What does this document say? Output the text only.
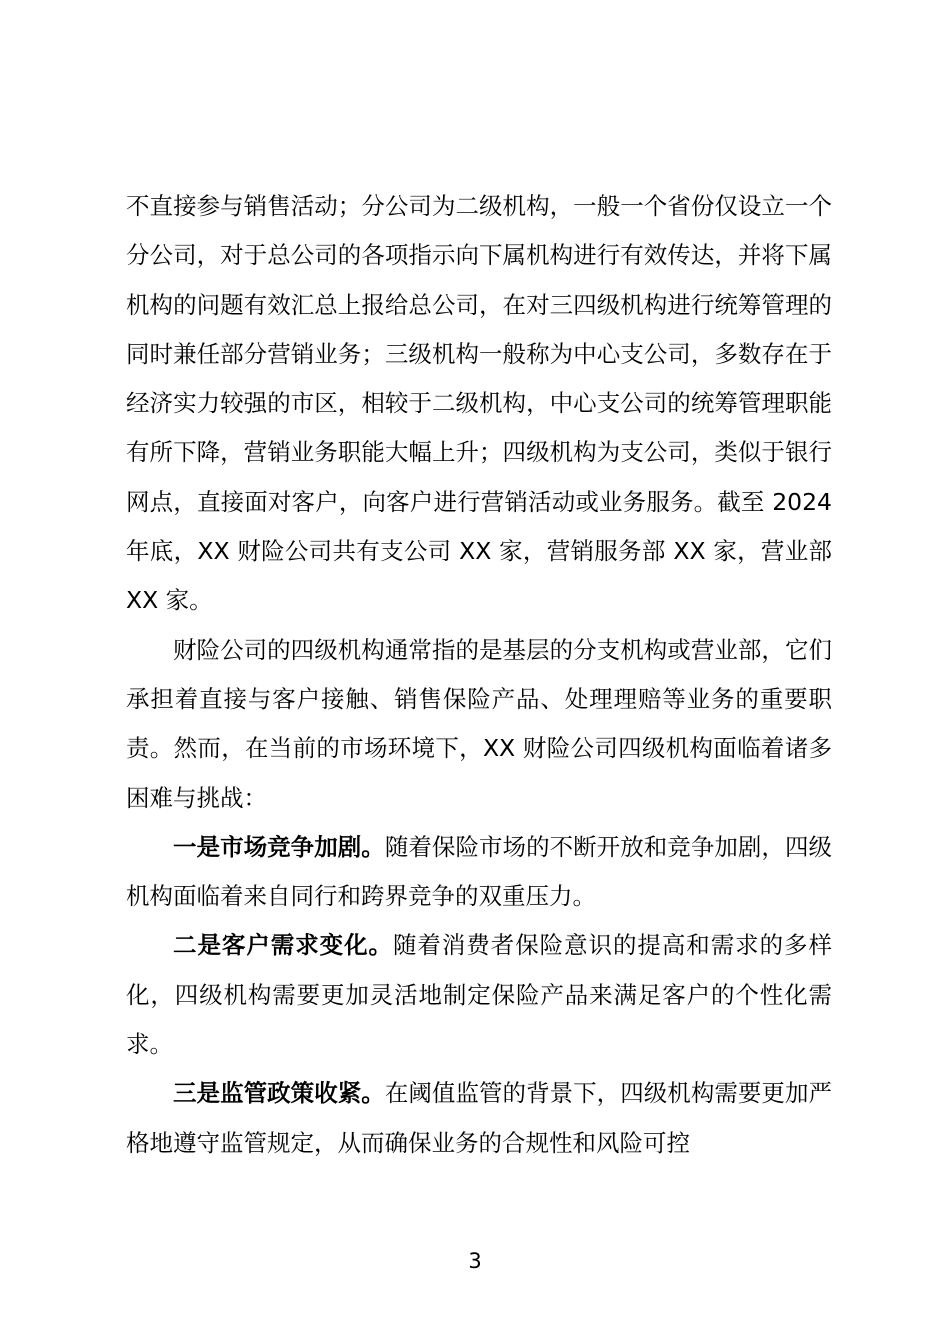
不直接参与销售活动；分公司为二级机构，一般一个省份仅设立一个分公司，对于总公司的各项指示向下属机构进行有效传达，并将下属机构的问题有效汇总上报给总公司，在对三四级机构进行统筹管理的同时兼任部分营销业务；三级机构一般称为中心支公司，多数存在于经济实力较强的市区，相较于二级机构，中心支公司的统筹管理职能有所下降，营销业务职能大幅上升；四级机构为支公司，类似于银行网点，直接面对客户，向客户进行营销活动或业务服务。截至 2024 年底，XX 财险公司共有支公司 XX 家，营销服务部 XX 家，营业部 XX 家。

财险公司的四级机构通常指的是基层的分支机构或营业部，它们承担着直接与客户接触、销售保险产品、处理理赔等业务的重要职责。然而，在当前的市场环境下，XX 财险公司四级机构面临着诸多困难与挑战：

一是市场竞争加剧。随着保险市场的不断开放和竞争加剧，四级机构面临着来自同行和跨界竞争的双重压力。

二是客户需求变化。随着消费者保险意识的提高和需求的多样化，四级机构需要更加灵活地制定保险产品来满足客户的个性化需求。

三是监管政策收紧。在阈值监管的背景下，四级机构需要更加严格地遵守监管规定，从而确保业务的合规性和风险可控

3
